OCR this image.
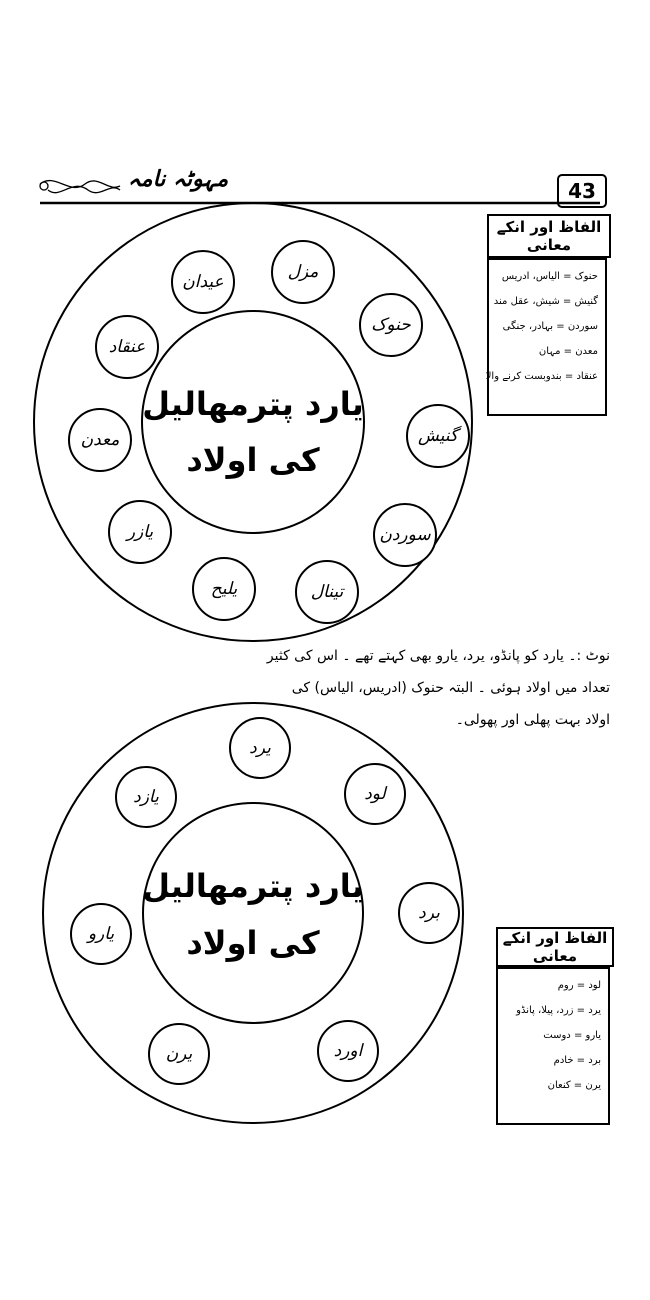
43
مہوٹہ نامہ
یارد پترمھالیل
کی اولاد
مزل
حنوک
گنیش
سوردن
تینال
یلیح
یازر
معدن
عنقاد
عیدان
الفاظ اور انکے معانی
حنوک = الیاس، ادریس
گنیش = شیش، عقل مند
سوردن = بہادر، جنگی
معدن = مہان
عنقاد = بندوبست کرنے والا
نوٹ :۔ یارد کو پانڈو، یرد، یارو بھی کہتے تھے ۔ اس کی کثیر
تعداد میں اولاد ہوئی ۔ البتہ حنوک (ادریس، الیاس) کی
اولاد بہت پھلی اور پھولی۔
یارد پترمھالیل
کی اولاد
یرد
لود
برد
اورد
یرن
یارو
یازد
الفاظ اور انکے معانی
لود = روم
یرد = زرد، پیلا، پانڈو
یارو = دوست
برد = خادم
یرن = کنعان
